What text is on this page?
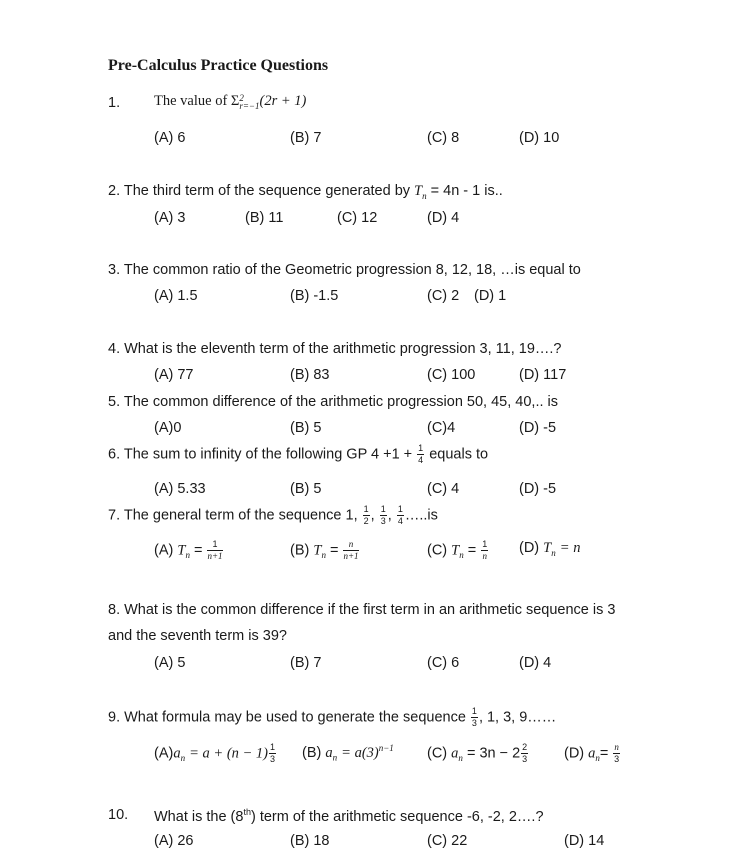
Pre-Calculus Practice Questions
1. The value of Σ 2
r=−1 (2r + 1)
(A) 6	(B) 7	(C) 8	(D) 10
2. The third term of the sequence generated by $T_n = 4n - 1$ is..
(A) 3	(B) 11	(C) 12	(D) 4
3. The common ratio of the Geometric progression 8, 12, 18, …is equal to
(A) 1.5	(B) -1.5	(C) 2 (D) 1
4. What is the eleventh term of the arithmetic progression 3, 11, 19….?
(A) 77	(B) 83	(C) 100	(D) 117
5. The common difference of the arithmetic progression 50, 45, 40,.. is
(A)0	(B) 5	(C)4	(D) -5
6. The sum to infinity of the following GP $4 +1 + \frac{1}{4}$ equals to
(A) 5.33	(B) 5	(C) 4	(D) -5
7. The general term of the sequence 1, $\frac{1}{2}$ , $\frac{1}{3}$ , $\frac{1}{4}$ …..is
(A) $T_n = \frac{1}{n+1}$	(B) $T_n = \frac{n}{n+1}$	(C) $T_n = \frac{1}{n} (D) T_n = n$
8. What is the common difference if the first term in an arithmetic sequence is 3
and the seventh term is 39?
(A) 5	(B) 7	(C) 6	(D) 4
9. What formula may be used to generate the sequence $\frac{1}{3}$ , 1, 3, 9……
$(A)a_n = a + (n - 1) \frac{1}{3} (B) a_n = a(3)^{n-1}$ (C) $a_n = 3n - 2 \frac{2}{3} (D)$ $a_n= \frac{n}{3}$
10. What is the (8th) term of the arithmetic sequence -6, -2, 2….?
(A) 26	(B) 18	(C) 22	(D) 14
